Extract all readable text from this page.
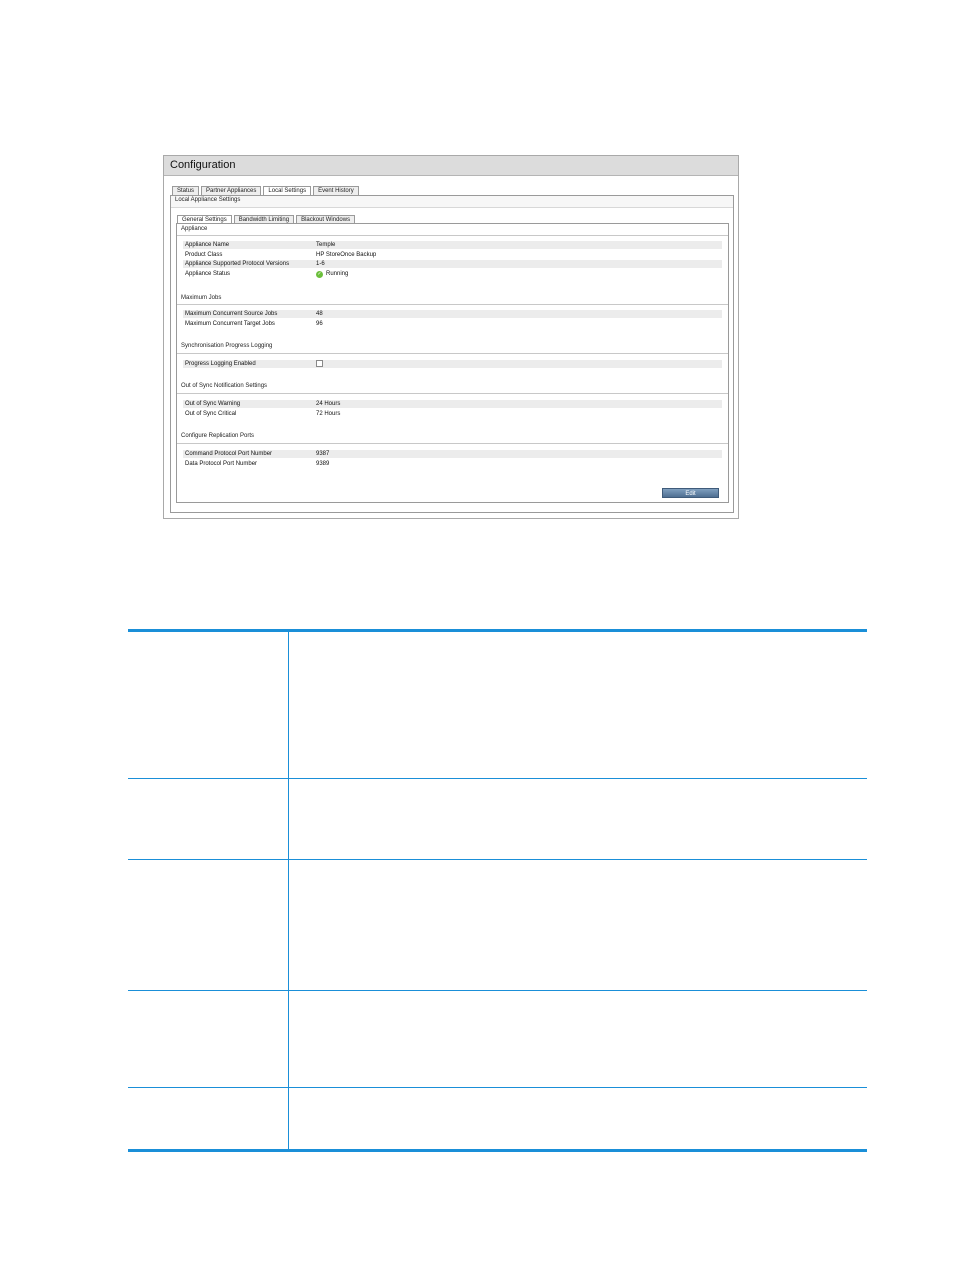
Configuration
Status	Partner Appliances	Local Settings	Event History
Local Appliance Settings
General Settings	Bandwidth Limiting	Blackout Windows
Appliance
Appliance Name	Temple
Product Class	HP StoreOnce Backup
Appliance Supported Protocol Versions	1-6
Appliance Status	✓ Running
Maximum Jobs
Maximum Concurrent Source Jobs	48
Maximum Concurrent Target Jobs	96
Synchronisation Progress Logging
Progress Logging Enabled
Out of Sync Notification Settings
Out of Sync Warning	24 Hours
Out of Sync Critical	72 Hours
Configure Replication Ports
Command Protocol Port Number	9387
Data Protocol Port Number	9389
Edit
